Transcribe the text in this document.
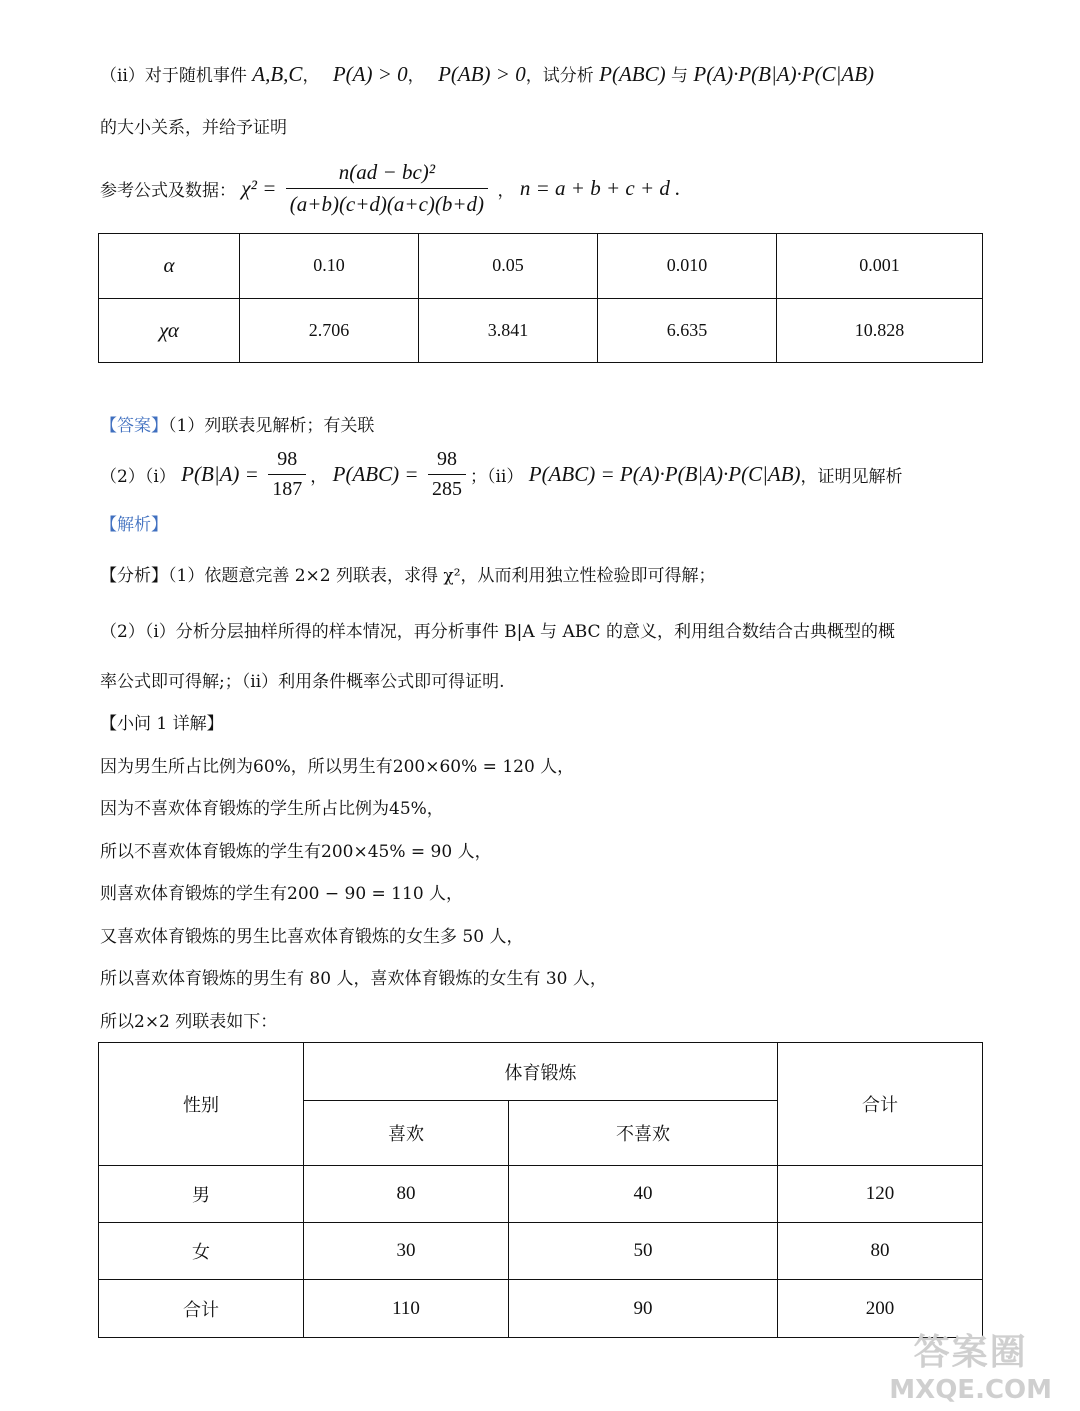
（ⅱ）对于随机事件 A,B,C， P(A) > 0， P(AB) > 0，试分析 P(ABC) 与 P(A)·P(B|A)·P(C|AB)
的大小关系，并给予证明
参考公式及数据： $\chi^2 = \frac{\text{n(ad − bc)²}}{(a+b)(c+d)(a+c)(b+d)}$ ， n = a + b + c + d .
α	0.10	0.05	0.010	0.001
χα	2.706	3.841	6.635	10.828
【答案】（1）列联表见解析；有关联
（2）（ⅰ） $P(B|A) = \frac{98}{187}$ ， $P(ABC) = \frac{98}{285}$ ；（ⅱ） P(ABC) = P(A)·P(B|A)·P(C|AB)，证明见解析
【解析】
【分析】（1）依题意完善 2×2 列联表，求得 χ²，从而利用独立性检验即可得解；
（2）（ⅰ）分析分层抽样所得的样本情况，再分析事件 B|A 与 ABC 的意义，利用组合数结合古典概型的概
率公式即可得解;；（ⅱ）利用条件概率公式即可得证明.
【小问 1 详解】
因为男生所占比例为60%，所以男生有200×60% = 120 人，
因为不喜欢体育锻炼的学生所占比例为45%，
所以不喜欢体育锻炼的学生有200×45% = 90 人，
则喜欢体育锻炼的学生有200 − 90 = 110 人，
又喜欢体育锻炼的男生比喜欢体育锻炼的女生多 50 人，
所以喜欢体育锻炼的男生有 80 人，喜欢体育锻炼的女生有 30 人，
所以2×2 列联表如下：
性别	体育锻炼		合计
	喜欢	不喜欢	
男	80	40	120
女	30	50	80
合计	110	90	200
答案圈
MXQE.COM
